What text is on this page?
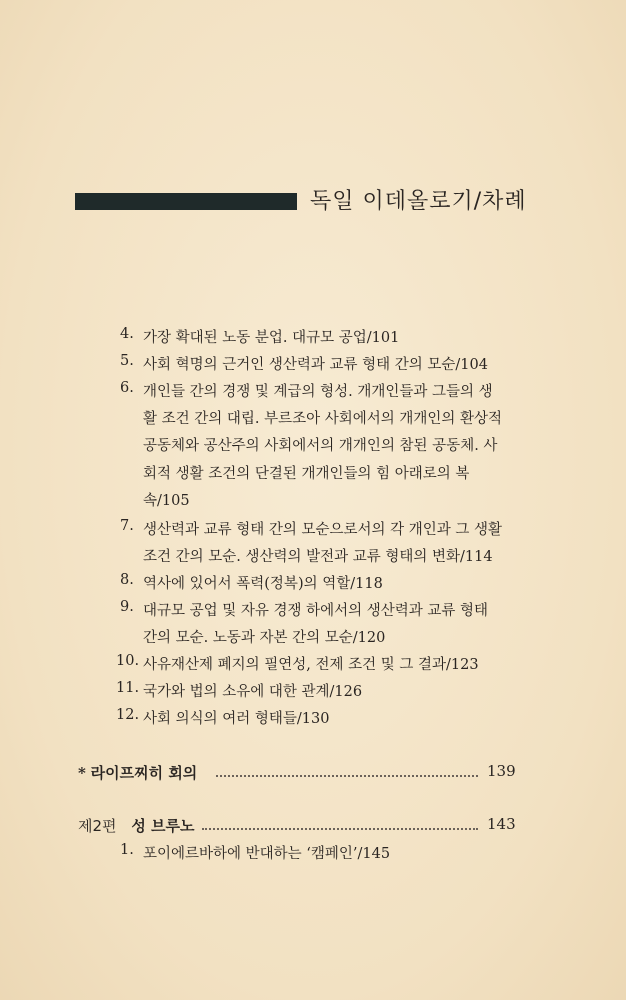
독일 이데올로기/차례
4. 가장 확대된 노동 분업. 대규모 공업/101
5. 사회 혁명의 근거인 생산력과 교류 형태 간의 모순/104
6. 개인들 간의 경쟁 및 계급의 형성. 개개인들과 그들의 생
활 조건 간의 대립. 부르조아 사회에서의 개개인의 환상적
공동체와 공산주의 사회에서의 개개인의 참된 공동체. 사
회적 생활 조건의 단결된 개개인들의 힘 아래로의 복
속/105
7. 생산력과 교류 형태 간의 모순으로서의 각 개인과 그 생활
조건 간의 모순. 생산력의 발전과 교류 형태의 변화/114
8. 역사에 있어서 폭력(정복)의 역할/118
9. 대규모 공업 및 자유 경쟁 하에서의 생산력과 교류 형태
간의 모순. 노동과 자본 간의 모순/120
10. 사유재산제 폐지의 필연성, 전제 조건 및 그 결과/123
11. 국가와 법의 소유에 대한 관계/126
12. 사회 의식의 여러 형태들/130
* 라이프찌히 회의	139
제2편 성 브루노	143
1. 포이에르바하에 반대하는 ‘캠페인’/145
